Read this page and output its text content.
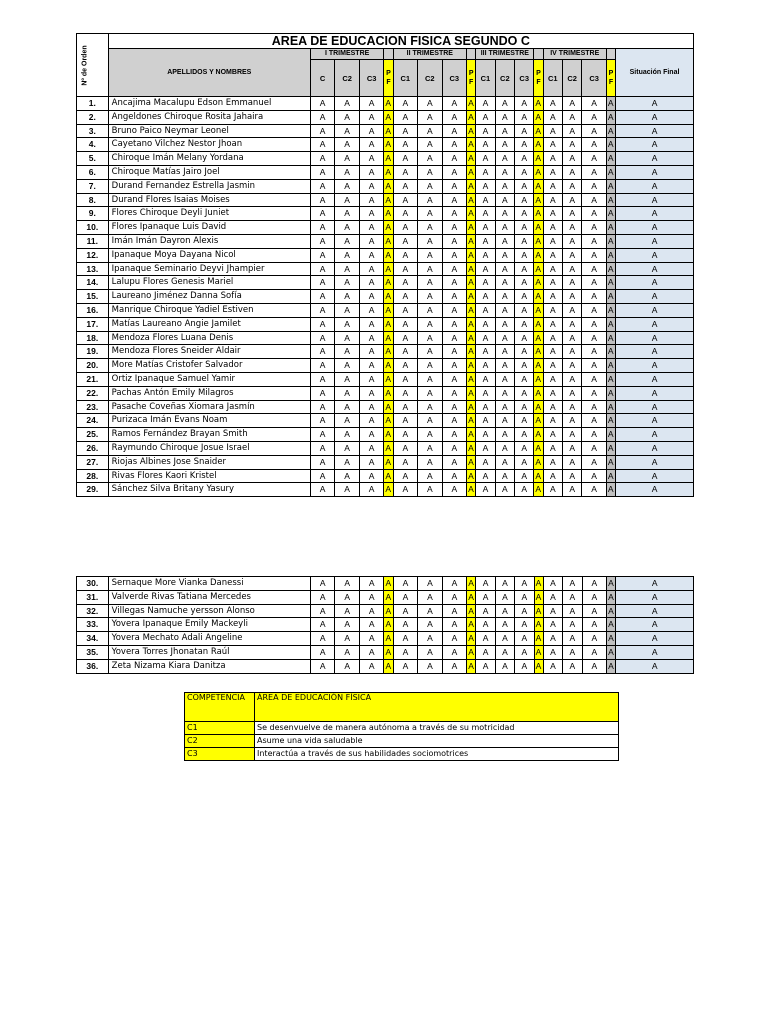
Nº de Orden	AREA DE EDUCACION FISICA SEGUNDO C																	
	APELLIDOS Y NOMBRES	I TRIMESTRE				II TRIMESTRE				III TRIMESTRE				IV TRIMESTRE				Situación Final
		C	C2	C3	P F	C1	C2	C3	P F	C1	C2	C3	P F	C1	C2	C3	P F	
1.	Ancajima Macalupu Edson Emmanuel	A	A	A	A	A	A	A	A	A	A	A	A	A	A	A	A	A
2.	Angeldones Chiroque Rosita Jahaira	A	A	A	A	A	A	A	A	A	A	A	A	A	A	A	A	A
3.	Bruno Paico Neymar Leonel	A	A	A	A	A	A	A	A	A	A	A	A	A	A	A	A	A
4.	Cayetano Vilchez Nestor Jhoan	A	A	A	A	A	A	A	A	A	A	A	A	A	A	A	A	A
5.	Chiroque Imán Melany Yordana	A	A	A	A	A	A	A	A	A	A	A	A	A	A	A	A	A
6.	Chiroque Matías Jairo Joel	A	A	A	A	A	A	A	A	A	A	A	A	A	A	A	A	A
7.	Durand Fernandez Estrella Jasmin	A	A	A	A	A	A	A	A	A	A	A	A	A	A	A	A	A
8.	Durand Flores Isaias Moises	A	A	A	A	A	A	A	A	A	A	A	A	A	A	A	A	A
9.	Flores Chiroque Deyli Juniet	A	A	A	A	A	A	A	A	A	A	A	A	A	A	A	A	A
10.	Flores Ipanaque Luis David	A	A	A	A	A	A	A	A	A	A	A	A	A	A	A	A	A
11.	Imán Imán Dayron Alexis	A	A	A	A	A	A	A	A	A	A	A	A	A	A	A	A	A
12.	Ipanaque Moya Dayana Nicol	A	A	A	A	A	A	A	A	A	A	A	A	A	A	A	A	A
13.	Ipanaque Seminario Deyvi Jhampier	A	A	A	A	A	A	A	A	A	A	A	A	A	A	A	A	A
14.	Lalupu Flores Genesis Mariel	A	A	A	A	A	A	A	A	A	A	A	A	A	A	A	A	A
15.	Laureano Jiménez Danna Sofía	A	A	A	A	A	A	A	A	A	A	A	A	A	A	A	A	A
16.	Manrique Chiroque Yadiel Estiven	A	A	A	A	A	A	A	A	A	A	A	A	A	A	A	A	A
17.	Matías Laureano Angie Jamilet	A	A	A	A	A	A	A	A	A	A	A	A	A	A	A	A	A
18.	Mendoza Flores Luana Denis	A	A	A	A	A	A	A	A	A	A	A	A	A	A	A	A	A
19.	Mendoza Flores Sneider Aldair	A	A	A	A	A	A	A	A	A	A	A	A	A	A	A	A	A
20.	More Matías Cristofer Salvador	A	A	A	A	A	A	A	A	A	A	A	A	A	A	A	A	A
21.	Ortiz Ipanaque Samuel Yamir	A	A	A	A	A	A	A	A	A	A	A	A	A	A	A	A	A
22.	Pachas Antón Emily Milagros	A	A	A	A	A	A	A	A	A	A	A	A	A	A	A	A	A
23.	Pasache Coveñas Xiomara Jasmín	A	A	A	A	A	A	A	A	A	A	A	A	A	A	A	A	A
24.	Purizaca Imán Evans Noam	A	A	A	A	A	A	A	A	A	A	A	A	A	A	A	A	A
25.	Ramos Fernández Brayan Smith	A	A	A	A	A	A	A	A	A	A	A	A	A	A	A	A	A
26.	Raymundo Chiroque Josue Israel	A	A	A	A	A	A	A	A	A	A	A	A	A	A	A	A	A
27.	Riojas Albines Jose Snaider	A	A	A	A	A	A	A	A	A	A	A	A	A	A	A	A	A
28.	Rivas Flores Kaori Kristel	A	A	A	A	A	A	A	A	A	A	A	A	A	A	A	A	A
29.	Sánchez Silva Britany Yasury	A	A	A	A	A	A	A	A	A	A	A	A	A	A	A	A	A
30.	Sernaque More Vianka Danessi	A	A	A	A	A	A	A	A	A	A	A	A	A	A	A	A	A
31.	Valverde Rivas Tatiana Mercedes	A	A	A	A	A	A	A	A	A	A	A	A	A	A	A	A	A
32.	Villegas Namuche yersson Alonso	A	A	A	A	A	A	A	A	A	A	A	A	A	A	A	A	A
33.	Yovera Ipanaque Emily Mackeyli	A	A	A	A	A	A	A	A	A	A	A	A	A	A	A	A	A
34.	Yovera Mechato Adali Angeline	A	A	A	A	A	A	A	A	A	A	A	A	A	A	A	A	A
35.	Yovera Torres Jhonatan Raúl	A	A	A	A	A	A	A	A	A	A	A	A	A	A	A	A	A
36.	Zeta Nizama Kiara Danitza	A	A	A	A	A	A	A	A	A	A	A	A	A	A	A	A	A
COMPETENCIA	ÁREA DE EDUCACIÓN FÍSICA
C1	Se desenvuelve de manera autónoma a través de su motricidad
C2	Asume una vida saludable
C3	Interactúa a través de sus habilidades sociomotrices
